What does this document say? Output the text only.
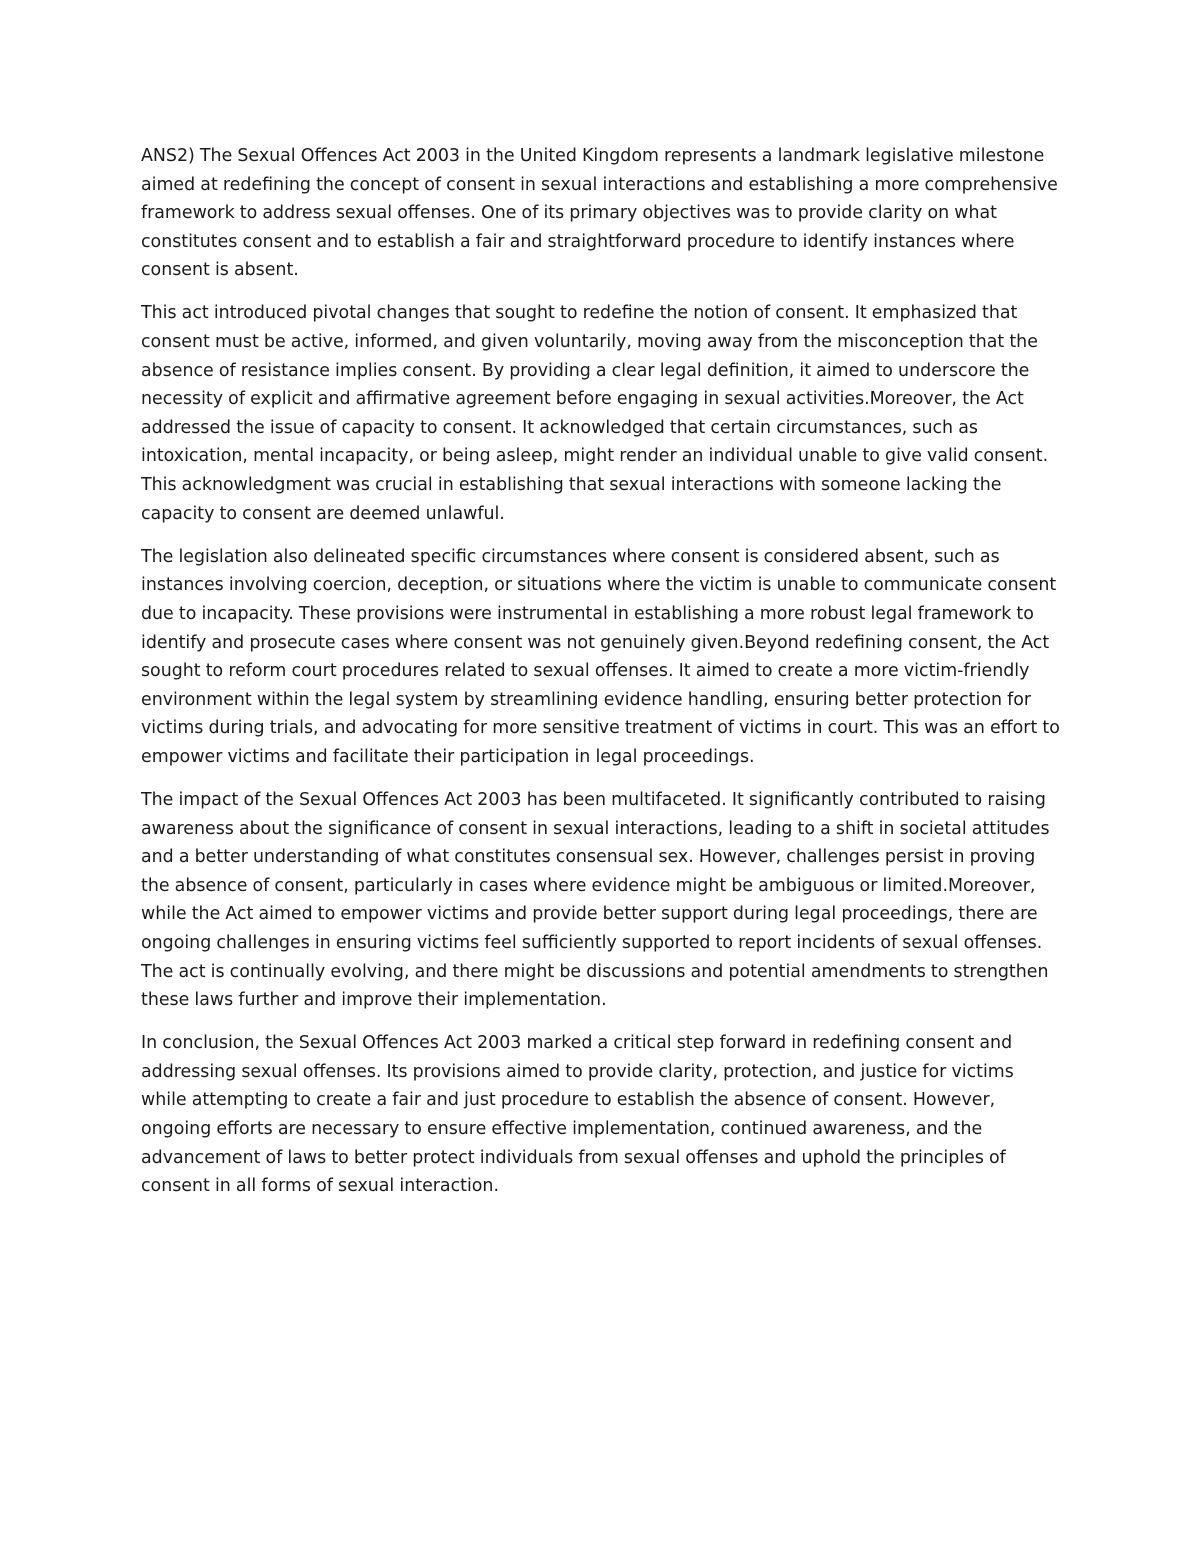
ANS2) The Sexual Offences Act 2003 in the United Kingdom represents a landmark legislative milestone aimed at redefining the concept of consent in sexual interactions and establishing a more comprehensive framework to address sexual offenses. One of its primary objectives was to provide clarity on what constitutes consent and to establish a fair and straightforward procedure to identify instances where consent is absent.

This act introduced pivotal changes that sought to redefine the notion of consent. It emphasized that consent must be active, informed, and given voluntarily, moving away from the misconception that the absence of resistance implies consent. By providing a clear legal definition, it aimed to underscore the necessity of explicit and affirmative agreement before engaging in sexual activities.Moreover, the Act addressed the issue of capacity to consent. It acknowledged that certain circumstances, such as intoxication, mental incapacity, or being asleep, might render an individual unable to give valid consent. This acknowledgment was crucial in establishing that sexual interactions with someone lacking the capacity to consent are deemed unlawful.

The legislation also delineated specific circumstances where consent is considered absent, such as instances involving coercion, deception, or situations where the victim is unable to communicate consent due to incapacity. These provisions were instrumental in establishing a more robust legal framework to identify and prosecute cases where consent was not genuinely given.Beyond redefining consent, the Act sought to reform court procedures related to sexual offenses. It aimed to create a more victim-friendly environment within the legal system by streamlining evidence handling, ensuring better protection for victims during trials, and advocating for more sensitive treatment of victims in court. This was an effort to empower victims and facilitate their participation in legal proceedings.

The impact of the Sexual Offences Act 2003 has been multifaceted. It significantly contributed to raising awareness about the significance of consent in sexual interactions, leading to a shift in societal attitudes and a better understanding of what constitutes consensual sex. However, challenges persist in proving the absence of consent, particularly in cases where evidence might be ambiguous or limited.Moreover, while the Act aimed to empower victims and provide better support during legal proceedings, there are ongoing challenges in ensuring victims feel sufficiently supported to report incidents of sexual offenses. The act is continually evolving, and there might be discussions and potential amendments to strengthen these laws further and improve their implementation.

In conclusion, the Sexual Offences Act 2003 marked a critical step forward in redefining consent and addressing sexual offenses. Its provisions aimed to provide clarity, protection, and justice for victims while attempting to create a fair and just procedure to establish the absence of consent. However, ongoing efforts are necessary to ensure effective implementation, continued awareness, and the advancement of laws to better protect individuals from sexual offenses and uphold the principles of consent in all forms of sexual interaction.
